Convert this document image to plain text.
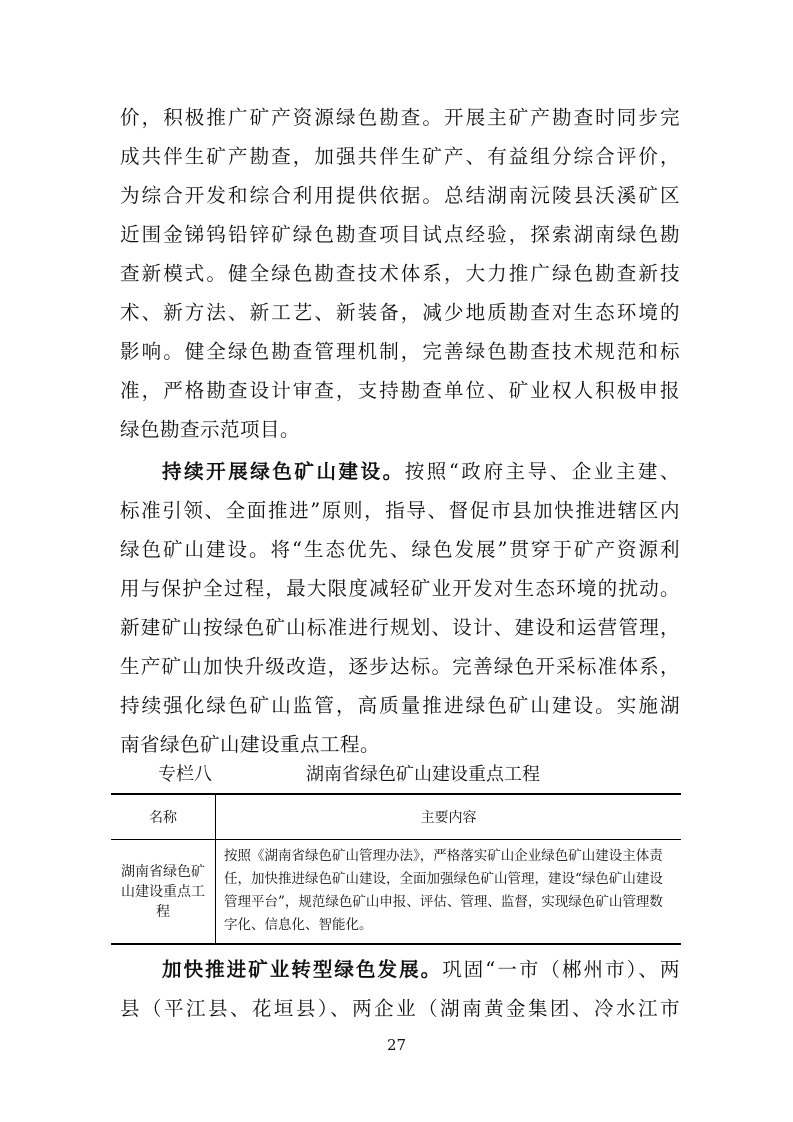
价，积极推广矿产资源绿色勘查。开展主矿产勘查时同步完
成共伴生矿产勘查，加强共伴生矿产、有益组分综合评价，
为综合开发和综合利用提供依据。总结湖南沅陵县沃溪矿区
近围金锑钨铅锌矿绿色勘查项目试点经验，探索湖南绿色勘
查新模式。健全绿色勘查技术体系，大力推广绿色勘查新技
术、新方法、新工艺、新装备，减少地质勘查对生态环境的
影响。健全绿色勘查管理机制，完善绿色勘查技术规范和标
准，严格勘查设计审查，支持勘查单位、矿业权人积极申报
绿色勘查示范项目。
持续开展绿色矿山建设。按照“政府主导、企业主建、
标准引领、全面推进”原则，指导、督促市县加快推进辖区内
绿色矿山建设。将“生态优先、绿色发展”贯穿于矿产资源利
用与保护全过程，最大限度减轻矿业开发对生态环境的扰动。
新建矿山按绿色矿山标准进行规划、设计、建设和运营管理，
生产矿山加快升级改造，逐步达标。完善绿色开采标准体系，
持续强化绿色矿山监管，高质量推进绿色矿山建设。实施湖
南省绿色矿山建设重点工程。
专栏八	湖南省绿色矿山建设重点工程
名称	主要内容
湖南省绿色矿山建设重点工程	按照《湖南省绿色矿山管理办法》，严格落实矿山企业绿色矿山建设主体责任，加快推进绿色矿山建设，全面加强绿色矿山管理，建设“绿色矿山建设管理平台”，规范绿色矿山申报、评估、管理、监督，实现绿色矿山管理数字化、信息化、智能化。
加快推进矿业转型绿色发展。巩固“一市（郴州市）、两
县（平江县、花垣县）、两企业（湖南黄金集团、冷水江市
27
